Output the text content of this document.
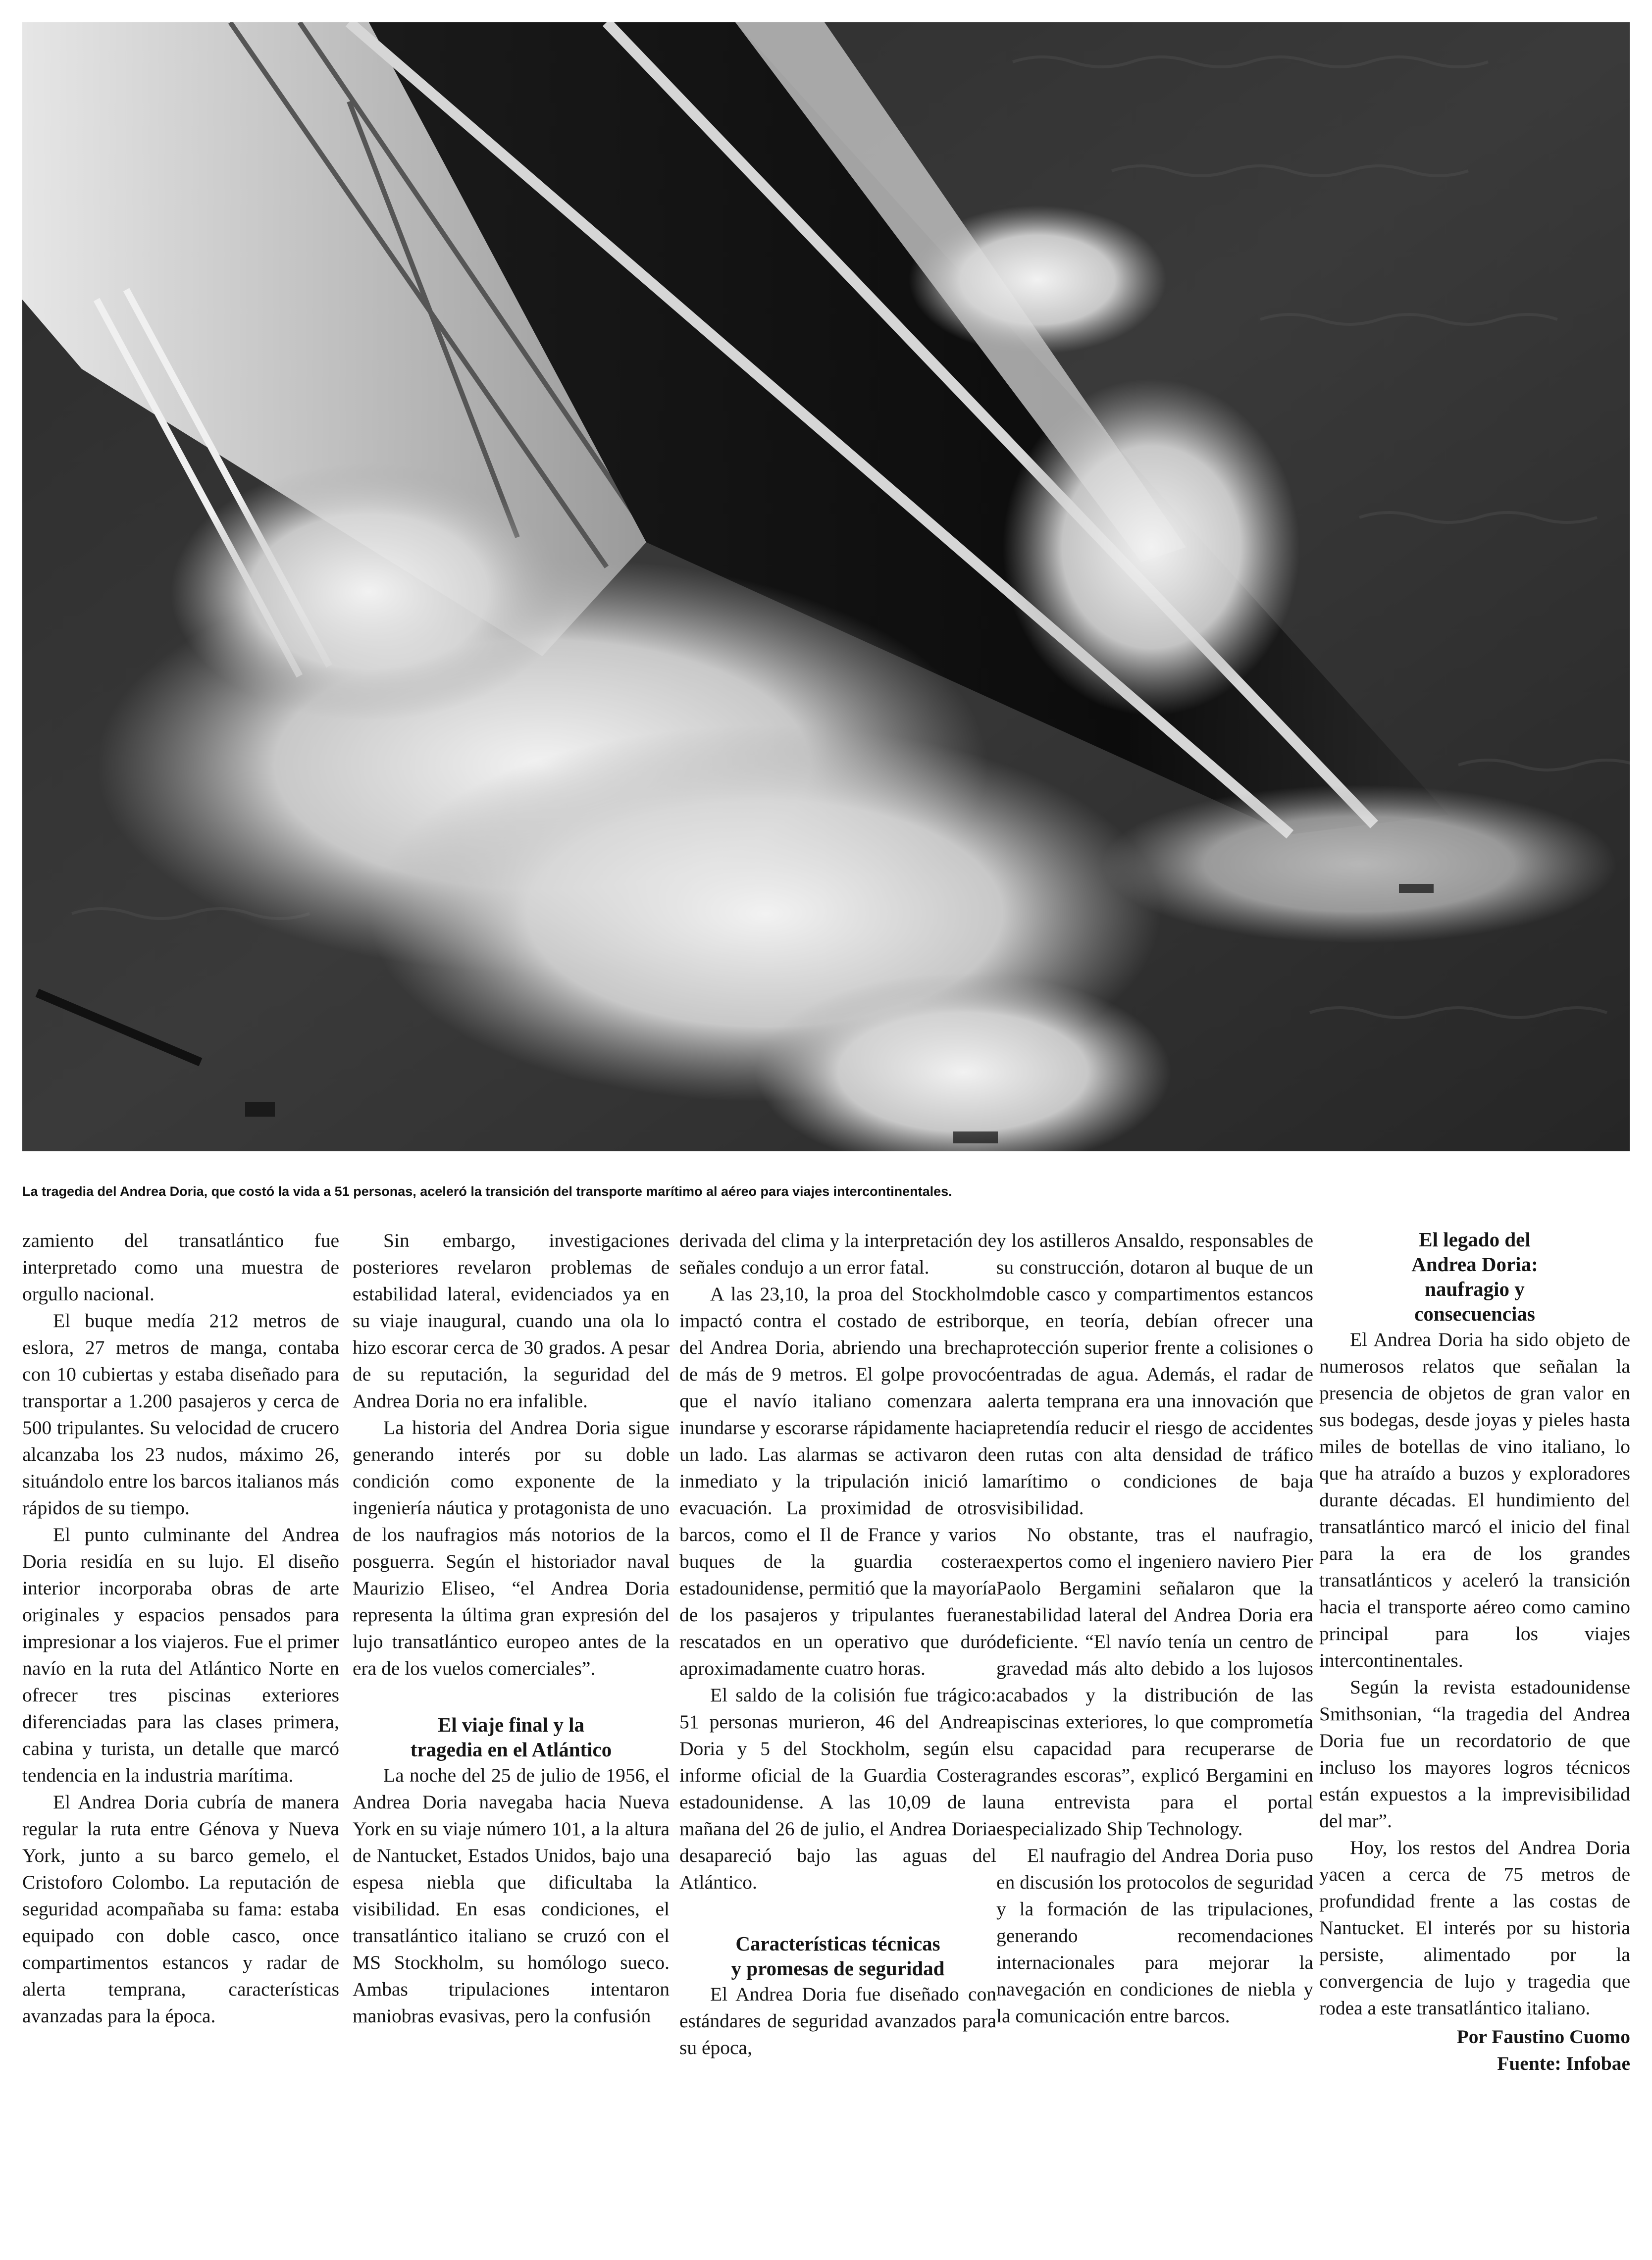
La tragedia del Andrea Doria, que costó la vida a 51 personas, aceleró la transición del transporte marítimo al aéreo para viajes intercontinentales.

zamiento del transatlántico fue interpretado como una muestra de orgullo nacional.

El buque medía 212 metros de eslora, 27 metros de manga, contaba con 10 cubiertas y estaba diseñado para transportar a 1.200 pasajeros y cerca de 500 tripulantes. Su velocidad de crucero alcanzaba los 23 nudos, máximo 26, situándolo entre los barcos italianos más rápidos de su tiempo.

El punto culminante del Andrea Doria residía en su lujo. El diseño interior incorporaba obras de arte originales y espacios pensados para impresionar a los viajeros. Fue el primer navío en la ruta del Atlántico Norte en ofrecer tres piscinas exteriores diferenciadas para las clases primera, cabina y turista, un detalle que marcó tendencia en la industria marítima.

El Andrea Doria cubría de manera regular la ruta entre Génova y Nueva York, junto a su barco gemelo, el Cristoforo Colombo. La reputación de seguridad acompañaba su fama: estaba equipado con doble casco, once compartimentos estancos y radar de alerta temprana, características avanzadas para la época.

Sin embargo, investigaciones posteriores revelaron problemas de estabilidad lateral, evidenciados ya en su viaje inaugural, cuando una ola lo hizo escorar cerca de 30 grados. A pesar de su reputación, la seguridad del Andrea Doria no era infalible.

La historia del Andrea Doria sigue generando interés por su doble condición como exponente de la ingeniería náutica y protagonista de uno de los naufragios más notorios de la posguerra. Según el historiador naval Maurizio Eliseo, “el Andrea Doria representa la última gran expresión del lujo transatlántico europeo antes de la era de los vuelos comerciales”.

El viaje final y la
tragedia en el Atlántico

La noche del 25 de julio de 1956, el Andrea Doria navegaba hacia Nueva York en su viaje número 101, a la altura de Nantucket, Estados Unidos, bajo una espesa niebla que dificultaba la visibilidad. En esas condiciones, el transatlántico italiano se cruzó con el MS Stockholm, su homólogo sueco. Ambas tripulaciones intentaron maniobras evasivas, pero la confusión

derivada del clima y la interpretación de señales condujo a un error fatal.

A las 23,10, la proa del Stockholm impactó contra el costado de estribor del Andrea Doria, abriendo una brecha de más de 9 metros. El golpe provocó que el navío italiano comenzara a inundarse y escorarse rápidamente hacia un lado. Las alarmas se activaron de inmediato y la tripulación inició la evacuación. La proximidad de otros barcos, como el Il de France y varios buques de la guardia costera estadounidense, permitió que la mayoría de los pasajeros y tripulantes fueran rescatados en un operativo que duró aproximadamente cuatro horas.

El saldo de la colisión fue trágico: 51 personas murieron, 46 del Andrea Doria y 5 del Stockholm, según el informe oficial de la Guardia Costera estadounidense. A las 10,09 de la mañana del 26 de julio, el Andrea Doria desapareció bajo las aguas del Atlántico.

Características técnicas
y promesas de seguridad

El Andrea Doria fue diseñado con estándares de seguridad avanzados para su época,

y los astilleros Ansaldo, responsables de su construcción, dotaron al buque de un doble casco y compartimentos estancos que, en teoría, debían ofrecer una protección superior frente a colisiones o entradas de agua. Además, el radar de alerta temprana era una innovación que pretendía reducir el riesgo de accidentes en rutas con alta densidad de tráfico marítimo o condiciones de baja visibilidad.

No obstante, tras el naufragio, expertos como el ingeniero naviero Pier Paolo Bergamini señalaron que la estabilidad lateral del Andrea Doria era deficiente. “El navío tenía un centro de gravedad más alto debido a los lujosos acabados y la distribución de las piscinas exteriores, lo que comprometía su capacidad para recuperarse de grandes escoras”, explicó Bergamini en una entrevista para el portal especializado Ship Technology.

El naufragio del Andrea Doria puso en discusión los protocolos de seguridad y la formación de las tripulaciones, generando recomendaciones internacionales para mejorar la navegación en condiciones de niebla y la comunicación entre barcos.

El legado del
Andrea Doria:
naufragio y
consecuencias

El Andrea Doria ha sido objeto de numerosos relatos que señalan la presencia de objetos de gran valor en sus bodegas, desde joyas y pieles hasta miles de botellas de vino italiano, lo que ha atraído a buzos y exploradores durante décadas. El hundimiento del transatlántico marcó el inicio del final para la era de los grandes transatlánticos y aceleró la transición hacia el transporte aéreo como camino principal para los viajes intercontinentales.

Según la revista estadounidense Smithsonian, “la tragedia del Andrea Doria fue un recordatorio de que incluso los mayores logros técnicos están expuestos a la imprevisibilidad del mar”.

Hoy, los restos del Andrea Doria yacen a cerca de 75 metros de profundidad frente a las costas de Nantucket. El interés por su historia persiste, alimentado por la convergencia de lujo y tragedia que rodea a este transatlántico italiano.

Por Faustino Cuomo
Fuente: Infobae
